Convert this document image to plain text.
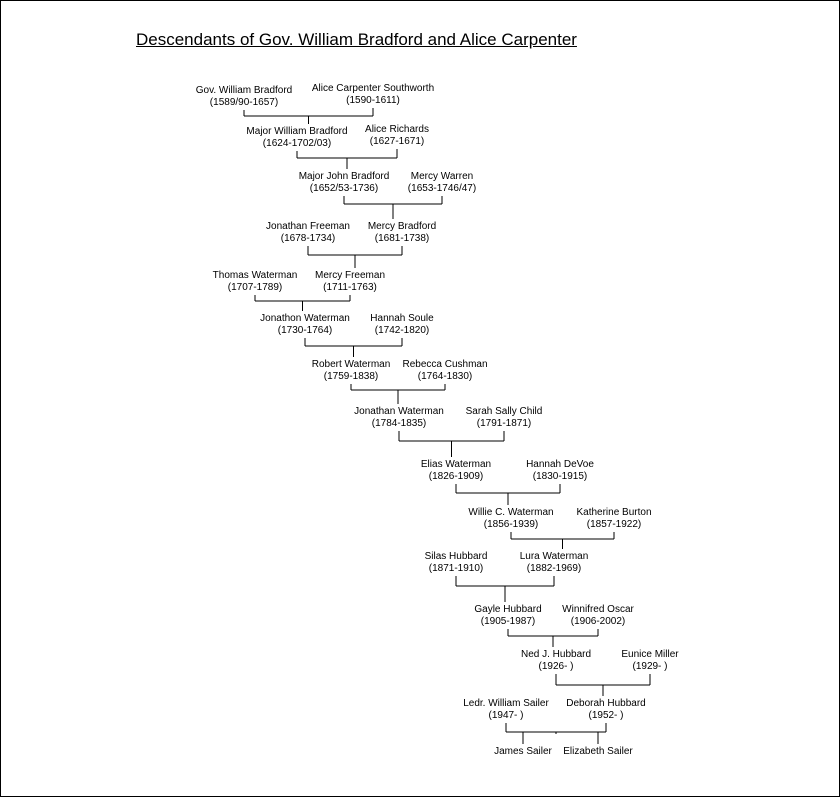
Descendants of Gov. William Bradford and Alice Carpenter
Gov. William Bradford
(1589/90-1657)
Alice Carpenter Southworth
(1590-1611)
Major William Bradford
(1624-1702/03)
Alice Richards
(1627-1671)
Major John Bradford
(1652/53-1736)
Mercy Warren
(1653-1746/47)
Jonathan Freeman
(1678-1734)
Mercy Bradford
(1681-1738)
Thomas Waterman
(1707-1789)
Mercy Freeman
(1711-1763)
Jonathon Waterman
(1730-1764)
Hannah Soule
(1742-1820)
Robert Waterman
(1759-1838)
Rebecca Cushman
(1764-1830)
Jonathan Waterman
(1784-1835)
Sarah Sally Child
(1791-1871)
Elias Waterman
(1826-1909)
Hannah DeVoe
(1830-1915)
Willie C. Waterman
(1856-1939)
Katherine Burton
(1857-1922)
Silas Hubbard
(1871-1910)
Lura Waterman
(1882-1969)
Gayle Hubbard
(1905-1987)
Winnifred Oscar
(1906-2002)
Ned J. Hubbard
(1926- )
Eunice Miller
(1929- )
Ledr. William Sailer
(1947- )
Deborah Hubbard
(1952- )
James Sailer Elizabeth Sailer
